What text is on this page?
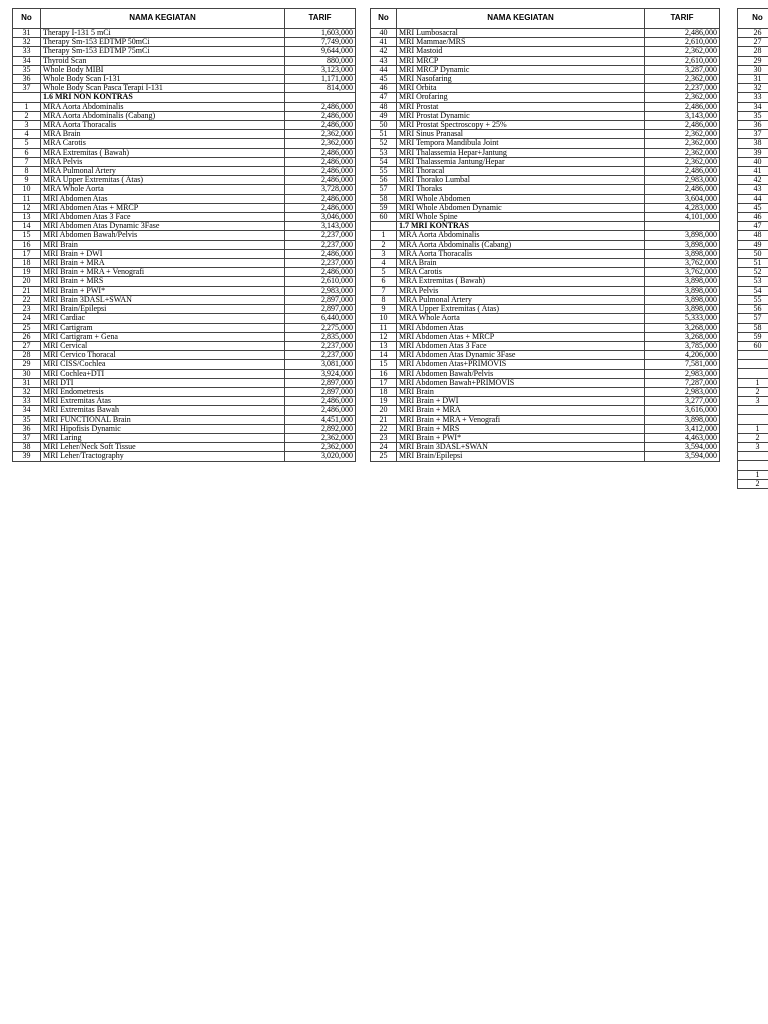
No	NAMA KEGIATAN	TARIF
31	Therapy I-131 5 mCi	1,603,000
32	Therapy Sm-153 EDTMP 50mCi	7,749,000
33	Therapy Sm-153 EDTMP 75mCi	9,644,000
34	Thyroid Scan	880,000
35	Whole Body MIBI	3,123,000
36	Whole Body Scan I-131	1,171,000
37	Whole Body Scan Pasca Terapi I-131	814,000
	1.6 MRI NON KONTRAS	
1	MRA Aorta Abdominalis	2,486,000
2	MRA Aorta Abdominalis (Cabang)	2,486,000
3	MRA Aorta Thoracalis	2,486,000
4	MRA Brain	2,362,000
5	MRA Carotis	2,362,000
6	MRA Extremitas ( Bawah)	2,486,000
7	MRA Pelvis	2,486,000
8	MRA Pulmonal Artery	2,486,000
9	MRA Upper Extremitas ( Atas)	2,486,000
10	MRA Whole Aorta	3,728,000
11	MRI Abdomen Atas	2,486,000
12	MRI Abdomen Atas + MRCP	2,486,000
13	MRI Abdomen Atas 3 Face	3,046,000
14	MRI Abdomen Atas Dynamic 3Fase	3,143,000
15	MRI Abdomen Bawah/Pelvis	2,237,000
16	MRI Brain	2,237,000
17	MRI Brain + DWI	2,486,000
18	MRI Brain + MRA	2,237,000
19	MRI Brain + MRA + Venografi	2,486,000
20	MRI Brain + MRS	2,610,000
21	MRI Brain + PWI*	2,983,000
22	MRI Brain 3DASL+SWAN	2,897,000
23	MRI Brain/Epilepsi	2,897,000
24	MRI Cardiac	6,440,000
25	MRI Cartigram	2,275,000
26	MRI Cartigram + Gena	2,835,000
27	MRI Cervical	2,237,000
28	MRI Cervico Thoracal	2,237,000
29	MRI CISS/Cochlea	3,081,000
30	MRI Cochlea+DTI	3,924,000
31	MRI DTI	2,897,000
32	MRI Endometresis	2,897,000
33	MRI Extremitas Atas	2,486,000
34	MRI Extremitas Bawah	2,486,000
35	MRI FUNCTIONAL Brain	4,451,000
36	MRI Hipofisis Dynamic	2,892,000
37	MRI Laring	2,362,000
38	MRI Leher/Neck Soft Tissue	2,362,000
39	MRI Leher/Tractography	3,020,000
No	NAMA KEGIATAN	TARIF
40	MRI Lumbosacral	2,486,000
41	MRI Mammae/MRS	2,610,000
42	MRI Mastoid	2,362,000
43	MRI MRCP	2,610,000
44	MRI MRCP Dynamic	3,287,000
45	MRI Nasofaring	2,362,000
46	MRI Orbita	2,237,000
47	MRI Orofaring	2,362,000
48	MRI Prostat	2,486,000
49	MRI Prostat Dynamic	3,143,000
50	MRI Prostat Spectroscopy + 25%	2,486,000
51	MRI Sinus Pranasal	2,362,000
52	MRI Tempora Mandibula Joint	2,362,000
53	MRI Thalassemia Hepar+Jantung	2,362,000
54	MRI Thalassemia Jantung/Hepar	2,362,000
55	MRI Thoracal	2,486,000
56	MRI Thorako Lumbal	2,983,000
57	MRI Thoraks	2,486,000
58	MRI Whole Abdomen	3,604,000
59	MRI Whole Abdomen Dynamic	4,283,000
60	MRI Whole Spine	4,101,000
	1.7 MRI KONTRAS	
1	MRA Aorta Abdominalis	3,898,000
2	MRA Aorta Abdominalis (Cabang)	3,898,000
3	MRA Aorta Thoracalis	3,898,000
4	MRA Brain	3,762,000
5	MRA Carotis	3,762,000
6	MRA Extremitas ( Bawah)	3,898,000
7	MRA Pelvis	3,898,000
8	MRA Pulmonal Artery	3,898,000
9	MRA Upper Extremitas ( Atas)	3,898,000
10	MRA Whole Aorta	5,333,000
11	MRI Abdomen Atas	3,268,000
12	MRI Abdomen Atas + MRCP	3,268,000
13	MRI Abdomen Atas 3 Face	3,785,000
14	MRI Abdomen Atas Dynamic 3Fase	4,206,000
15	MRI Abdomen Atas+PRIMOVIS	7,581,000
16	MRI Abdomen Bawah/Pelvis	2,983,000
17	MRI Abdomen Bawah+PRIMOVIS	7,287,000
18	MRI Brain	2,983,000
19	MRI Brain + DWI	3,277,000
20	MRI Brain + MRA	3,616,000
21	MRI Brain + MRA + Venografi	3,898,000
22	MRI Brain + MRS	3,412,000
23	MRI Brain + PWI*	4,463,000
24	MRI Brain 3DASL+SWAN	3,594,000
25	MRI Brain/Epilepsi	3,594,000
No
26
27
28
29
30
31
32
33
34
35
36
37
38
39
40
41
42
43
44
45
46
47
48
49
50
51
52
53
54
55
56
57
58
59
60

1
2
3

1
2
3

1
2
